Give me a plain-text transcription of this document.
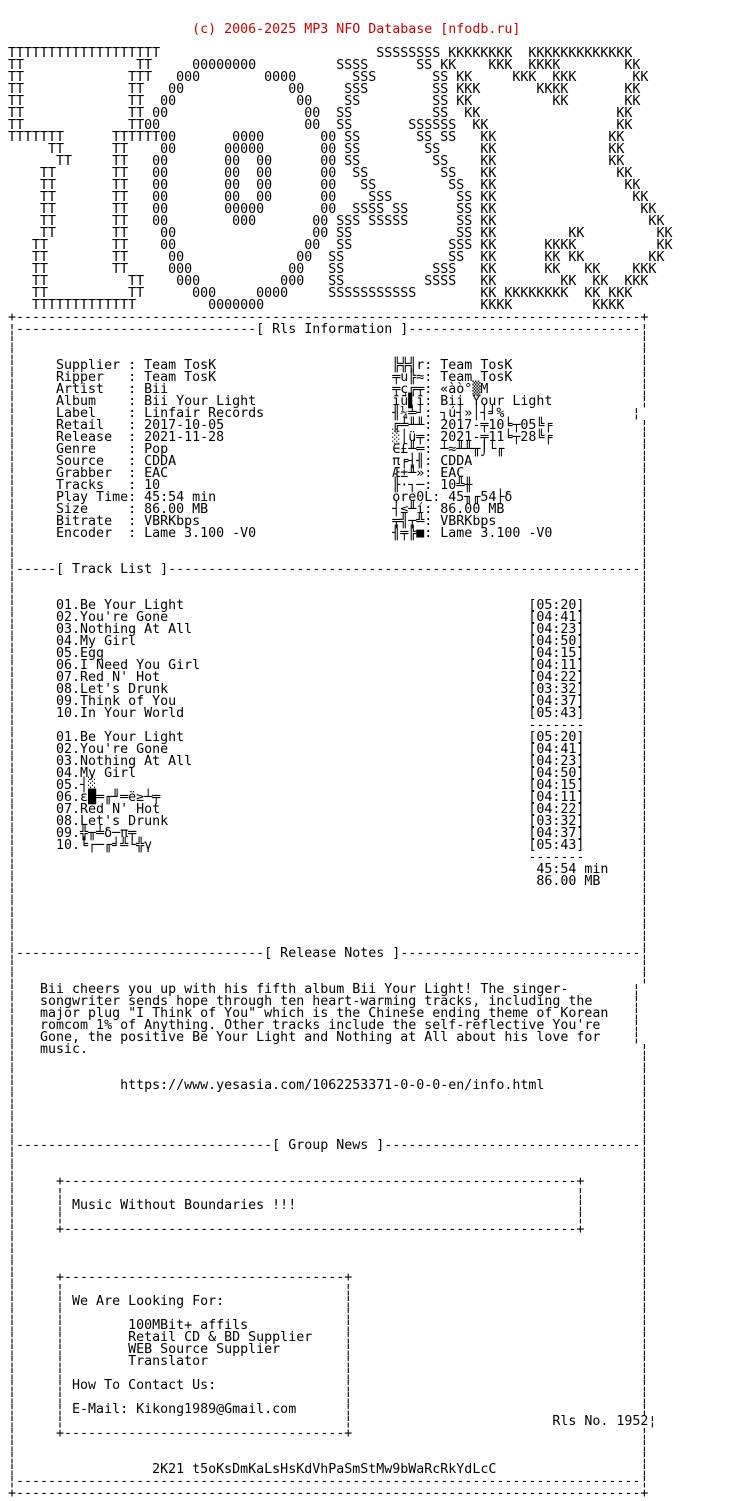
(c) 2006-2025 MP3 NFO Database [nfodb.ru]

TTTTTTTTTTTTTTTTTTT                           SSSSSSSS KKKKKKKK  KKKKKKKKKKKKK
TT              TT     00000000          SSSS      SS KK    KKK  KKKK        KK
TT             TTT   000        0000       SSS       SS KK     KKK  KKK       KK
TT             TT   00             00     SSS        SS KKK       KKKK       KK
TT             TT  00               00    SS         SS KK          KK       KK
TT             TT 00                 00  SS          SS  KK                 KK
TT             TT00                  00  SS       SSSSSS  KK                KK
TTTTTTT      TTTTTT00       0000       00 SS       SS SS   KK              KK
TT      TT    00      00000       00 SS        SS     KK              KK
TT     TT   00       00  00      00 SS         SS    KK              KK
TT       TT   00       00  00      00  SS         SS   KK               KK
TT       TT   00       00  00      00   SS         SS  KK                KK
TT       TT   00       00  00      00    SSS        SS KK                 KK
TT       TT   00       00000       00  SSSS SS      SS KK                  KK
TT       TT   00        000       00 SSS SSSSS      SS KK                   KK
TT       TT    00                 00 SS             SS KK         KK         KK
TT        TT    00                00  SS            SSS KK      KKKK          KK
TT        TT     00              00  SS             SS  KK      KK KK        KK
TT        TT     000            00   SS           SSS   KK      KK   KK    KKK
TT          TT    000          000   SS          SSSS   KK        KK  KK  KKK
TT          TT      000     0000     SSSSSSSSSSS        KK KKKKKKKK  KK KKK
TTTTTTTTTTTTT         0000000                           KKKK          KKKK
+------------------------------------------------------------------------------+
¦------------------------------[ Rls Information ]-----------------------------¦
¦                                                                              ¦
¦                                                                              ¦
¦     Supplier : Team TosK                      ╠╬╣r: Team TosK                ¦
¦     Ripper   : Team TosK                      ╤u╠≈: Team TosK                ¦
¦     Artist   : Bii                            ╤ç╔╤: «àò°▒M                   ¦
¦     Album    : Bii Your Light                 ïü▌ï: Bii Your Light           ¦
¦     Label    : Linfair Records                ╢¼╧┘: ┐ú┤»│┤╛%                ¦
¦     Retail   : 2017-10-05                     ╔╧╨╨: 2017-╤10╘┬05╚╒           ¦
¦     Release  : 2021-11-28                     ░│ü╤: 2021-╤11╘┬28╚╒           ¦
¦     Genre    : Pop                            ∈£╨═: ┴≈╨╨╥⌡└╓                 ¦
¦     Source   : CDDA                           π╒┤╢: CDDA                     ¦
¦     Grabber  : EAC                            Æ±╨»: EAC                      ¦
¦     Tracks   : 10                             ╟·┐─: 10╩╫                     ¦
¦     Play Time: 45:54 min                      ore0L: 45╖╓54├δ                ¦
¦     Size     : 86.00 MB                       ┤≤╨í: 86.00 MB                 ¦
¦     Bitrate  : VBRKbps                        ╤╣┬╩: VBRKbps                  ¦
¦     Encoder  : Lame 3.100 -V0                 ╢╤╠■: Lame 3.100 -V0           ¦
¦                                                                              ¦
¦                                                                              ¦
¦-----[ Track List ]-----------------------------------------------------------¦
¦                                                                              ¦
¦                                                                              ¦
¦     01.Be Your Light                                           [05:20]       ¦
¦     02.You're Gone                                             [04:41]       ¦
¦     03.Nothing At All                                          [04:23]       ¦
¦     04.My Girl                                                 [04:50]       ¦
¦     05.Egg                                                     [04:15]       ¦
¦     06.I Need You Girl                                         [04:11]       ¦
¦     07.Red N' Hot                                              [04:22]       ¦
¦     08.Let's Drunk                                             [03:32]       ¦
¦     09.Think of You                                            [04:37]       ¦
¦     10.In Your World                                           [05:43]       ¦
¦                                                                -------       ¦
¦     01.Be Your Light                                           [05:20]       ¦
¦     02.You're Gone                                             [04:41]       ¦
¦     03.Nothing At All                                          [04:23]       ¦
¦     04.My Girl                                                 [04:50]       ¦
¦     05.┤░                                                      [04:15]       ¦
¦     06.ε█═╓╜═ë≥┴╤                                              [04:11]       ¦
¦     07.Red N' Hot                                              [04:22]       ¦
¦     08.Let's Drunk                                             [03:32]       ¦
¦     09.╬╥╧δ─π╤                                                 [04:37]       ¦
¦     10.╘┌─╓╛╩└╬γ                                               [05:43]       ¦
¦                                                                -------       ¦
¦                                                                 45:54 min    ¦
¦                                                                 86.00 MB     ¦
¦                                                                              ¦
¦                                                                              ¦
¦                                                                              ¦
¦                                                                              ¦
¦                                                                              ¦
¦-------------------------------[ Release Notes ]------------------------------¦
¦                                                                              ¦
¦                                                                              ¦
¦   Bii cheers you up with his fifth album Bii Your Light! The singer-        ¦
¦   songwriter sends hope through ten heart-warming tracks, including the     ¦
¦   major plug "I Think of You" which is the Chinese ending theme of Korean   ¦
¦   romcom 1% of Anything. Other tracks include the self-reflective You're    ¦
¦   Gone, the positive Be Your Light and Nothing at All about his love for    ¦
¦   music.                                                                     ¦
¦                                                                              ¦
¦                                                                              ¦
¦             https://www.yesasia.com/1062253371-0-0-0-en/info.html            ¦
¦                                                                              ¦
¦                                                                              ¦
¦                                                                              ¦
¦                                                                              ¦
¦--------------------------------[ Group News ]--------------------------------¦
¦                                                                              ¦
¦                                                                              ¦
¦     +----------------------------------------------------------------+       ¦
¦     ¦                                                                ¦       ¦
¦     ¦ Music Without Boundaries !!!                                   ¦       ¦
¦     ¦                                                                ¦       ¦
¦     +----------------------------------------------------------------+       ¦
¦                                                                              ¦
¦                                                                              ¦
¦                                                                              ¦
¦     +-----------------------------------+                                    ¦
¦     ¦                                   ¦                                    ¦
¦     ¦ We Are Looking For:               ¦                                    ¦
¦     ¦                                   ¦                                    ¦
¦     ¦        100MBit+ affils            ¦                                    ¦
¦     ¦        Retail CD & BD Supplier    ¦                                    ¦
¦     ¦        WEB Source Supplier        ¦                                    ¦
¦     ¦        Translator                 ¦                                    ¦
¦     ¦                                   ¦                                    ¦
¦     ¦ How To Contact Us:                ¦                                    ¦
¦     ¦                                   ¦                                    ¦
¦     ¦ E-Mail: Kikong1989@Gmail.com      ¦                                    ¦
¦     ¦                                   ¦                         Rls No. 1952¦
¦     +-----------------------------------+                                    ¦
¦                                                                              ¦
¦                                                                              ¦
¦                 2K21 t5oKsDmKaLsHsKdVhPaSmStMw9bWaRcRkYdLcC                  ¦
¦------------------------------------------------------------------------------¦
+------------------------------------------------------------------------------+
